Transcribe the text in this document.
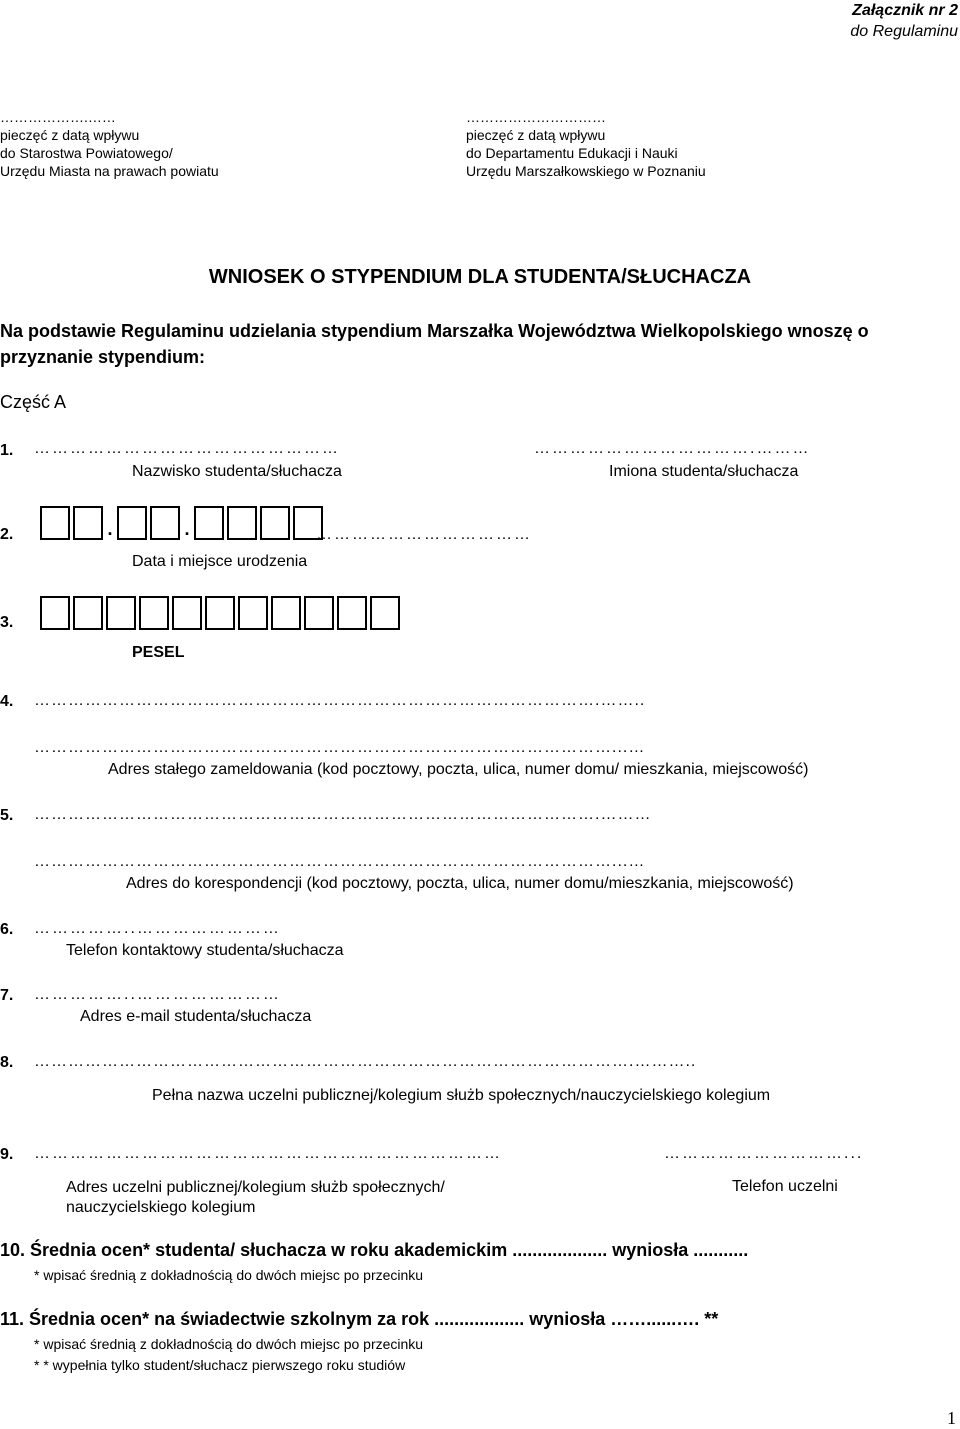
Załącznik nr 2
do Regulaminu
……………….……
pieczęć z datą wpływu
do Starostwa Powiatowego/
Urzędu Miasta na prawach powiatu
…………………………
pieczęć z datą wpływu
do Departamentu Edukacji i Nauki
Urzędu Marszałkowskiego w Poznaniu
WNIOSEK O STYPENDIUM DLA STUDENTA/SŁUCHACZA
Na podstawie Regulaminu udzielania stypendium Marszałka Województwa Wielkopolskiego wnoszę o przyznanie stypendium:
Część A
1. ……………………………………………	……………………………….………
Nazwisko studenta/słuchacza	Imiona studenta/słuchacza
2.	.	.	………………………………
Data i miejsce urodzenia
3.
PESEL
4. ……………………………………………………………………………………….……..
…………………………………………………………………………………………...…
Adres stałego zameldowania (kod pocztowy, poczta, ulica, numer domu/ mieszkania, miejscowość)
5. ……………………………………………………………………………………….………
…………………………………………………………………………………………...…
Adres do korespondencji (kod pocztowy, poczta, ulica, numer domu/mieszkania, miejscowość)
6. ……………..……………………
Telefon kontaktowy studenta/słuchacza
7. ……………..……………………
Adres e-mail studenta/słuchacza
8. …………………………………………………………………………………………….………..
Pełna nazwa uczelni publicznej/kolegium służb społecznych/nauczycielskiego kolegium
9. ……………………………………………………………………	…………………………...
Adres uczelni publicznej/kolegium służb społecznych/
nauczycielskiego kolegium
Telefon uczelni
10. Średnia ocen* studenta/ słuchacza w roku akademickim ................... wyniosła ...........
* wpisać średnią z dokładnością do dwóch miejsc po przecinku
11. Średnia ocen* na świadectwie szkolnym za rok .................. wyniosła ……......…. **
* wpisać średnią z dokładnością do dwóch miejsc po przecinku
* * wypełnia tylko student/słuchacz pierwszego roku studiów
1
